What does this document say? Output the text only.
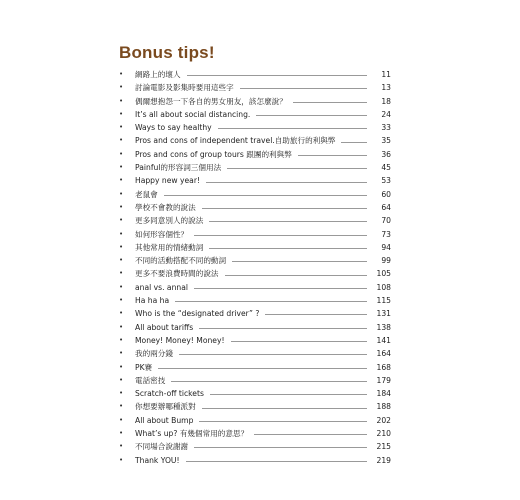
Bonus tips!
•	網路上的壞人	11
•	討論電影及影集時要用這些字	13
•	偶爾想抱怨一下各自的男女朋友，該怎麼說？	18
•	It’s all about social distancing.	24
•	Ways to say healthy	33
•	Pros and cons of independent travel.自助旅行的利與弊	35
•	Pros and cons of group tours 跟團的利與弊	36
•	Painful的形容詞三個用法	45
•	Happy new year!	53
•	老鼠會	60
•	學校不會教的說法	64
•	更多同意別人的說法	70
•	如何形容個性？	73
•	其他常用的情緒動詞	94
•	不同的活動搭配不同的動詞	99
•	更多不要浪費時間的說法	105
•	anal vs. annal	108
•	Ha ha ha	115
•	Who is the “designated driver” ?	131
•	All about tariffs	138
•	Money! Money! Money!	141
•	我的兩分錢	164
•	PK賽	168
•	電話密技	179
•	Scratch-off tickets	184
•	你想要辦哪種派對	188
•	All about Bump	202
•	What’s up? 有幾個常用的意思？	210
•	不同場合說謝謝	215
•	Thank YOU!	219
